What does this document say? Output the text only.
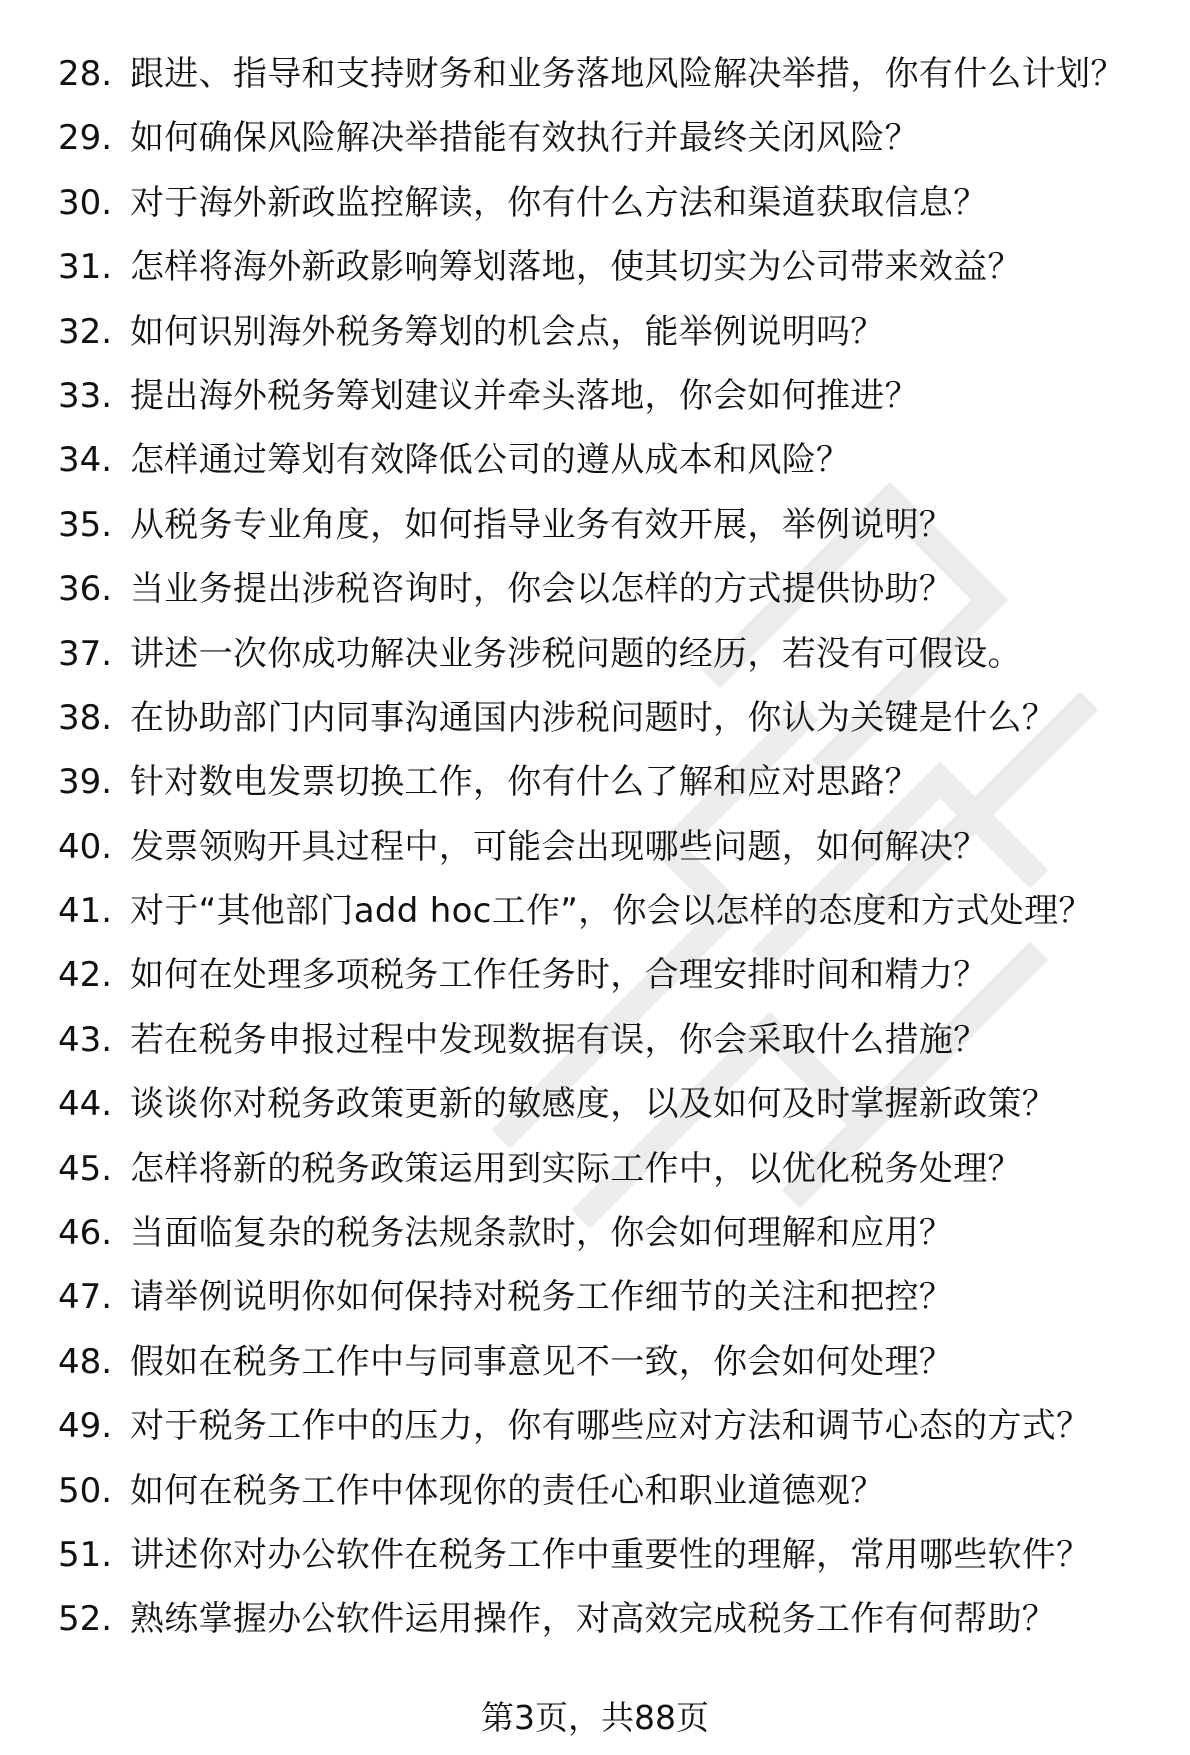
28. 跟进、指导和支持财务和业务落地风险解决举措，你有什么计划？
29. 如何确保风险解决举措能有效执行并最终关闭风险？
30. 对于海外新政监控解读，你有什么方法和渠道获取信息？
31. 怎样将海外新政影响筹划落地，使其切实为公司带来效益？
32. 如何识别海外税务筹划的机会点，能举例说明吗？
33. 提出海外税务筹划建议并牵头落地，你会如何推进？
34. 怎样通过筹划有效降低公司的遵从成本和风险？
35. 从税务专业角度，如何指导业务有效开展，举例说明？
36. 当业务提出涉税咨询时，你会以怎样的方式提供协助？
37. 讲述一次你成功解决业务涉税问题的经历，若没有可假设。
38. 在协助部门内同事沟通国内涉税问题时，你认为关键是什么？
39. 针对数电发票切换工作，你有什么了解和应对思路？
40. 发票领购开具过程中，可能会出现哪些问题，如何解决？
41. 对于“其他部门add hoc工作”，你会以怎样的态度和方式处理？
42. 如何在处理多项税务工作任务时，合理安排时间和精力？
43. 若在税务申报过程中发现数据有误，你会采取什么措施？
44. 谈谈你对税务政策更新的敏感度，以及如何及时掌握新政策？
45. 怎样将新的税务政策运用到实际工作中，以优化税务处理？
46. 当面临复杂的税务法规条款时，你会如何理解和应用？
47. 请举例说明你如何保持对税务工作细节的关注和把控？
48. 假如在税务工作中与同事意见不一致，你会如何处理？
49. 对于税务工作中的压力，你有哪些应对方法和调节心态的方式？
50. 如何在税务工作中体现你的责任心和职业道德观？
51. 讲述你对办公软件在税务工作中重要性的理解，常用哪些软件？
52. 熟练掌握办公软件运用操作，对高效完成税务工作有何帮助？
第3页，共88页
